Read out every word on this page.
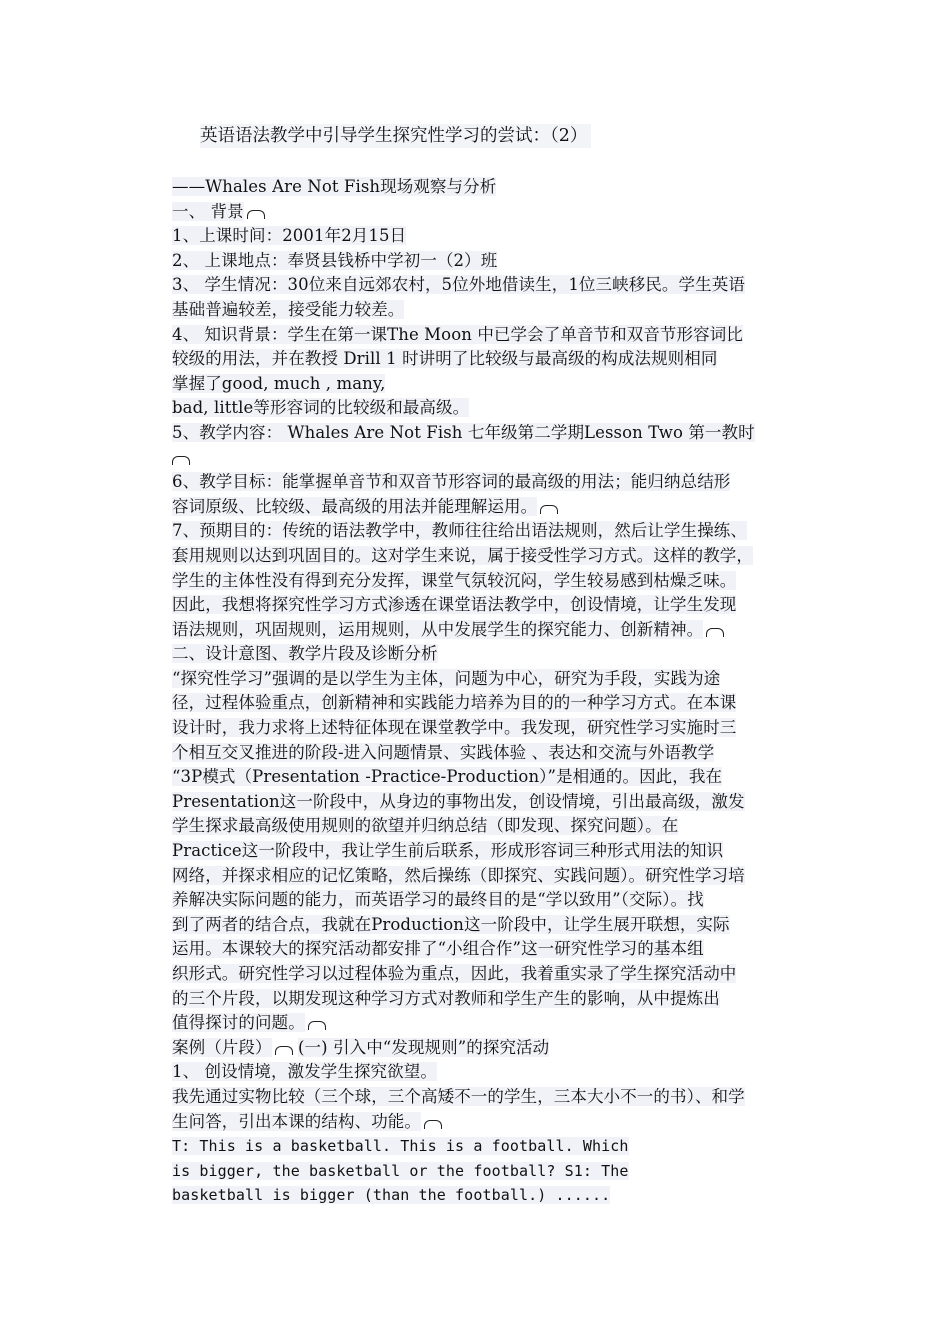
英语语法教学中引导学生探究性学习的尝试：（2）
——Whales Are Not Fish现场观察与分析
一、 背景
1、上课时间：2001年2月15日
2、 上课地点：奉贤县钱桥中学初一（2）班
3、 学生情况：30位来自远郊农村，5位外地借读生，1位三峡移民。学生英语
基础普遍较差，接受能力较差。
4、 知识背景：学生在第一课The Moon 中已学会了单音节和双音节形容词比
较级的用法，并在教授 Drill 1 时讲明了比较级与最高级的构成法规则相同
掌握了good, much , many,
bad, little等形容词的比较级和最高级。
5、教学内容： Whales Are Not Fish 七年级第二学期Lesson Two 第一教时
6、教学目标：能掌握单音节和双音节形容词的最高级的用法；能归纳总结形
容词原级、比较级、最高级的用法并能理解运用。
7、预期目的：传统的语法教学中，教师往往给出语法规则，然后让学生操练、
套用规则以达到巩固目的。这对学生来说，属于接受性学习方式。这样的教学，
学生的主体性没有得到充分发挥，课堂气氛较沉闷，学生较易感到枯燥乏味。
因此，我想将探究性学习方式渗透在课堂语法教学中，创设情境，让学生发现
语法规则，巩固规则，运用规则，从中发展学生的探究能力、创新精神。
二、设计意图、教学片段及诊断分析
“探究性学习”强调的是以学生为主体，问题为中心，研究为手段，实践为途
径，过程体验重点，创新精神和实践能力培养为目的的一种学习方式。在本课
设计时，我力求将上述特征体现在课堂教学中。我发现，研究性学习实施时三
个相互交叉推进的阶段-进入问题情景、实践体验 、表达和交流与外语教学
“3P模式（Presentation -Practice-Production）”是相通的。因此，我在
Presentation这一阶段中，从身边的事物出发，创设情境，引出最高级，激发
学生探求最高级使用规则的欲望并归纳总结（即发现、探究问题）。在
Practice这一阶段中，我让学生前后联系，形成形容词三种形式用法的知识
网络，并探求相应的记忆策略，然后操练（即探究、实践问题）。研究性学习培
养解决实际问题的能力，而英语学习的最终目的是“学以致用”（交际）。找
到了两者的结合点，我就在Production这一阶段中，让学生展开联想，实际
运用。本课较大的探究活动都安排了“小组合作”这一研究性学习的基本组
织形式。研究性学习以过程体验为重点，因此，我着重实录了学生探究活动中
的三个片段，以期发现这种学习方式对教师和学生产生的影响，从中提炼出
值得探讨的问题。
案例（片段） (一) 引入中“发现规则”的探究活动
1、 创设情境，激发学生探究欲望。
我先通过实物比较（三个球，三个高矮不一的学生，三本大小不一的书）、和学
生问答，引出本课的结构、功能。
T: This is a basketball. This is a football. Which
is bigger, the basketball or the football? S1: The
basketball is bigger (than the football.) ......
